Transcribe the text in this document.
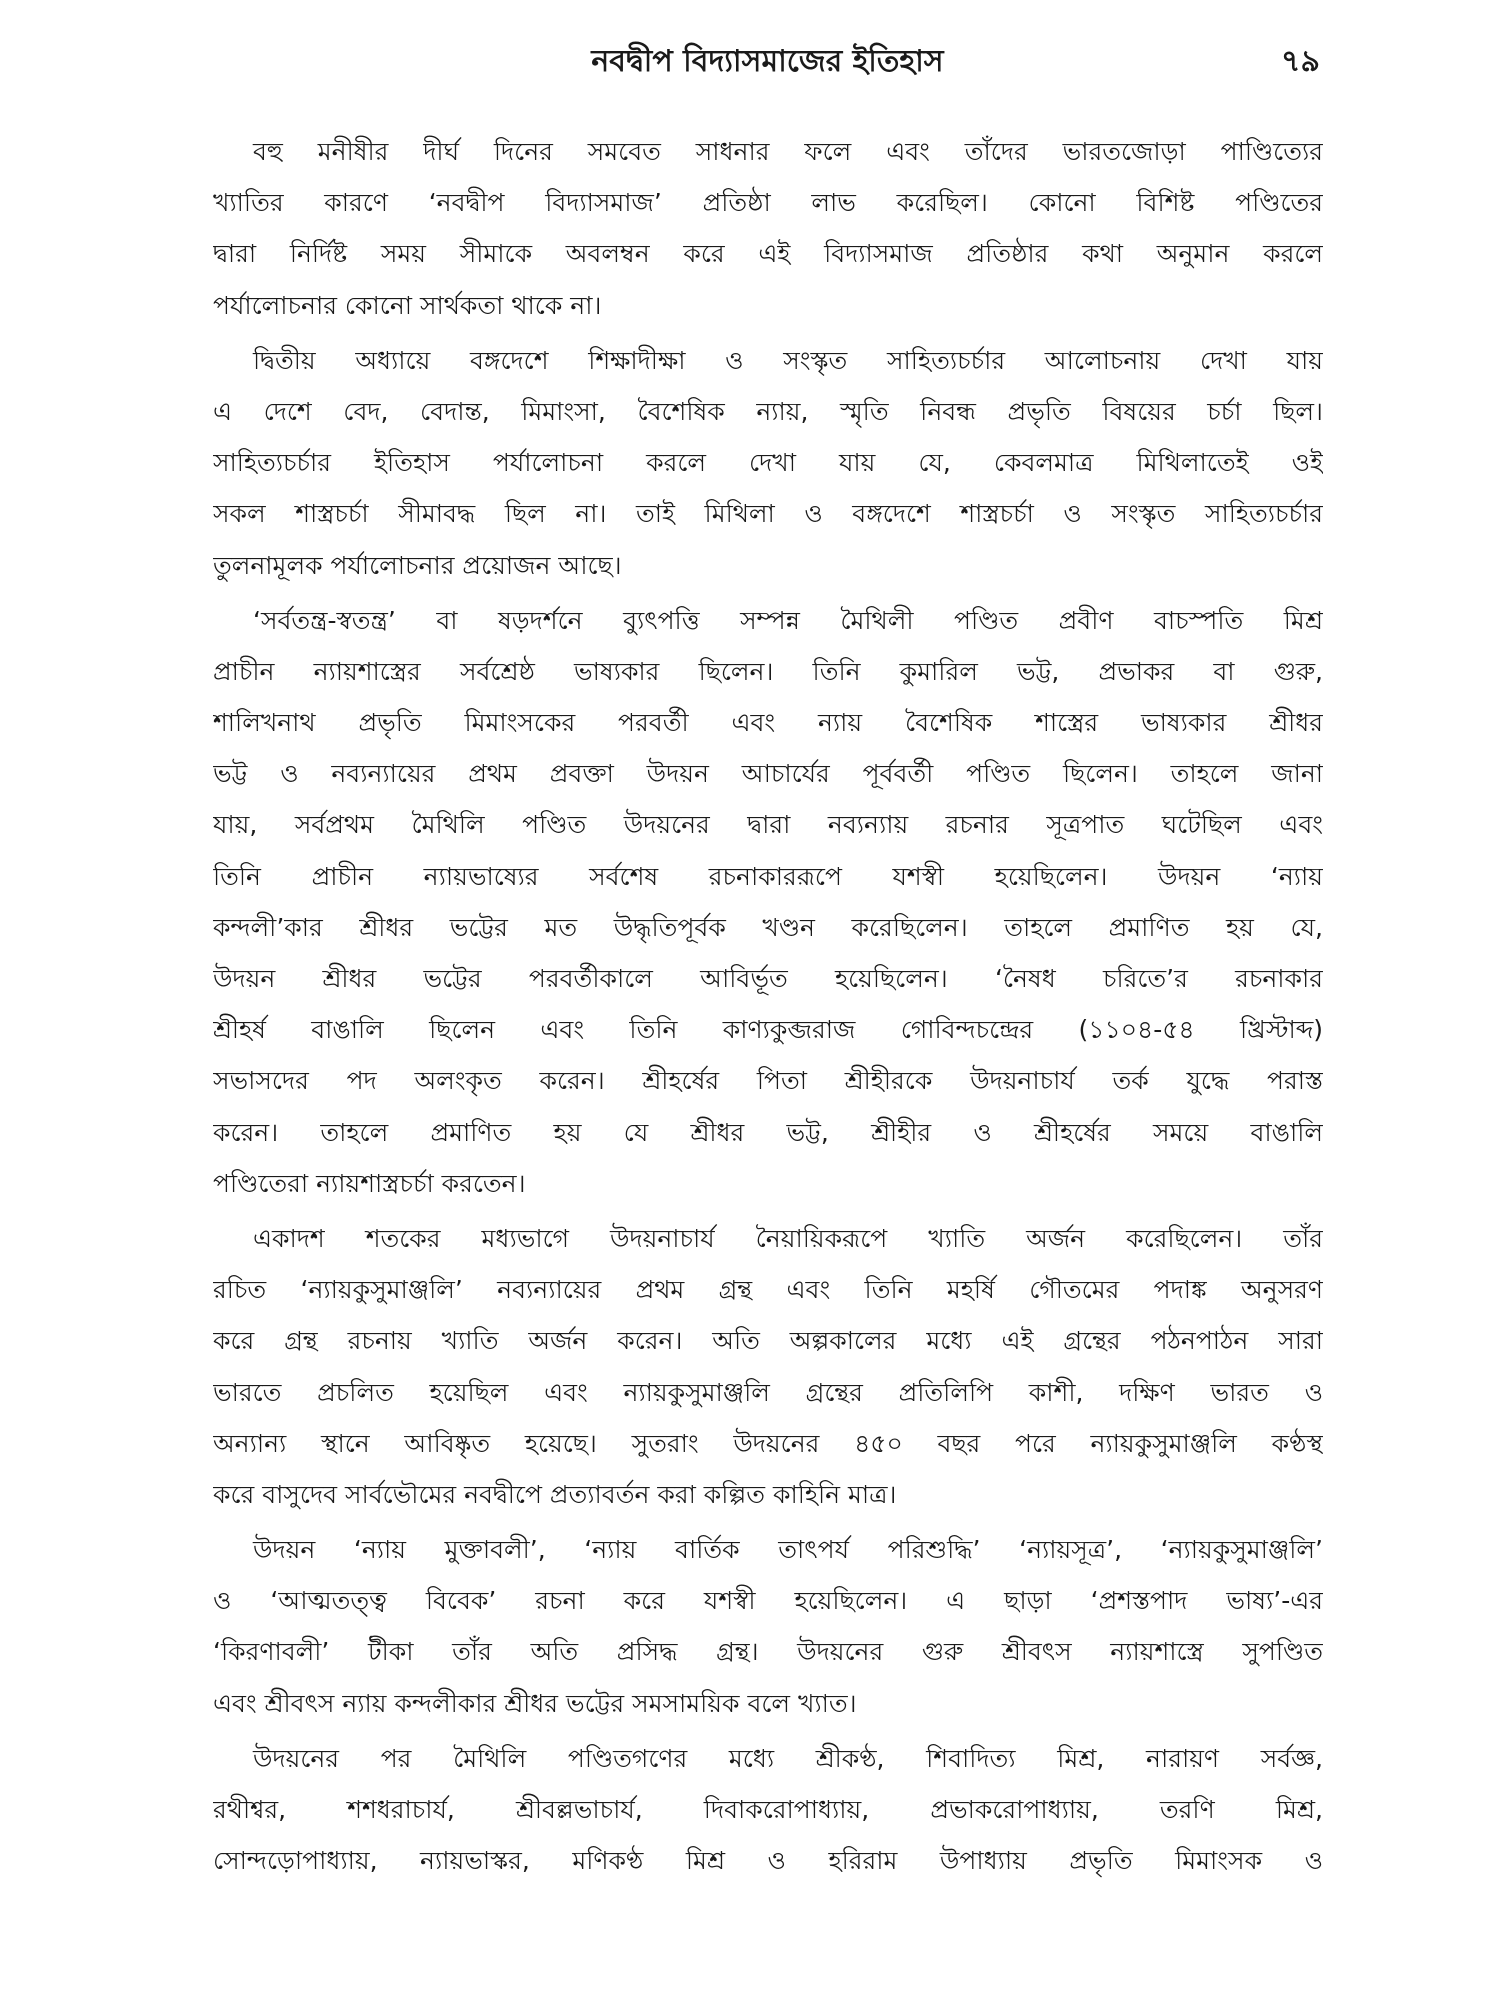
নবদ্বীপ বিদ্যাসমাজের ইতিহাস	৭৯
বহু মনীষীর দীর্ঘ দিনের সমবেত সাধনার ফলে এবং তাঁদের ভারতজোড়া পাণ্ডিত্যের
খ্যাতির কারণে ‘নবদ্বীপ বিদ্যাসমাজ’ প্রতিষ্ঠা লাভ করেছিল। কোনো বিশিষ্ট পণ্ডিতের
দ্বারা নির্দিষ্ট সময় সীমাকে অবলম্বন করে এই বিদ্যাসমাজ প্রতিষ্ঠার কথা অনুমান করলে
পর্যালোচনার কোনো সার্থকতা থাকে না।
দ্বিতীয় অধ্যায়ে বঙ্গদেশে শিক্ষাদীক্ষা ও সংস্কৃত সাহিত্যচর্চার আলোচনায় দেখা যায়
এ দেশে বেদ, বেদান্ত, মিমাংসা, বৈশেষিক ন্যায়, স্মৃতি নিবন্ধ প্রভৃতি বিষয়ের চর্চা ছিল।
সাহিত্যচর্চার ইতিহাস পর্যালোচনা করলে দেখা যায় যে, কেবলমাত্র মিথিলাতেই ওই
সকল শাস্ত্রচর্চা সীমাবদ্ধ ছিল না। তাই মিথিলা ও বঙ্গদেশে শাস্ত্রচর্চা ও সংস্কৃত সাহিত্যচর্চার
তুলনামূলক পর্যালোচনার প্রয়োজন আছে।
‘সর্বতন্ত্র-স্বতন্ত্র’ বা ষড়দর্শনে ব্যুৎপত্তি সম্পন্ন মৈথিলী পণ্ডিত প্রবীণ বাচস্পতি মিশ্র
প্রাচীন ন্যায়শাস্ত্রের সর্বশ্রেষ্ঠ ভাষ্যকার ছিলেন। তিনি কুমারিল ভট্ট, প্রভাকর বা গুরু,
শালিখনাথ প্রভৃতি মিমাংসকের পরবর্তী এবং ন্যায় বৈশেষিক শাস্ত্রের ভাষ্যকার শ্রীধর
ভট্ট ও নব্যন্যায়ের প্রথম প্রবক্তা উদয়ন আচার্যের পূর্ববর্তী পণ্ডিত ছিলেন। তাহলে জানা
যায়, সর্বপ্রথম মৈথিলি পণ্ডিত উদয়নের দ্বারা নব্যন্যায় রচনার সূত্রপাত ঘটেছিল এবং
তিনি প্রাচীন ন্যায়ভাষ্যের সর্বশেষ রচনাকাররূপে যশস্বী হয়েছিলেন। উদয়ন ‘ন্যায়
কন্দলী’কার শ্রীধর ভট্টের মত উদ্ধৃতিপূর্বক খণ্ডন করেছিলেন। তাহলে প্রমাণিত হয় যে,
উদয়ন শ্রীধর ভট্টের পরবর্তীকালে আবির্ভূত হয়েছিলেন। ‘নৈষধ চরিতে’র রচনাকার
শ্রীহর্ষ বাঙালি ছিলেন এবং তিনি কাণ্যকুব্জরাজ গোবিন্দচন্দ্রের (১১০৪-৫৪ খ্রিস্টাব্দ)
সভাসদের পদ অলংকৃত করেন। শ্রীহর্ষের পিতা শ্রীহীরকে উদয়নাচার্য তর্ক যুদ্ধে পরাস্ত
করেন। তাহলে প্রমাণিত হয় যে শ্রীধর ভট্ট, শ্রীহীর ও শ্রীহর্ষের সময়ে বাঙালি
পণ্ডিতেরা ন্যায়শাস্ত্রচর্চা করতেন।
একাদশ শতকের মধ্যভাগে উদয়নাচার্য নৈয়ায়িকরূপে খ্যাতি অর্জন করেছিলেন। তাঁর
রচিত ‘ন্যায়কুসুমাঞ্জলি’ নব্যন্যায়ের প্রথম গ্রন্থ এবং তিনি মহর্ষি গৌতমের পদাঙ্ক অনুসরণ
করে গ্রন্থ রচনায় খ্যাতি অর্জন করেন। অতি অল্পকালের মধ্যে এই গ্রন্থের পঠনপাঠন সারা
ভারতে প্রচলিত হয়েছিল এবং ন্যায়কুসুমাঞ্জলি গ্রন্থের প্রতিলিপি কাশী, দক্ষিণ ভারত ও
অন্যান্য স্থানে আবিষ্কৃত হয়েছে। সুতরাং উদয়নের ৪৫০ বছর পরে ন্যায়কুসুমাঞ্জলি কণ্ঠস্থ
করে বাসুদেব সার্বভৌমের নবদ্বীপে প্রত্যাবর্তন করা কল্পিত কাহিনি মাত্র।
উদয়ন ‘ন্যায় মুক্তাবলী’, ‘ন্যায় বার্তিক তাৎপর্য পরিশুদ্ধি’ ‘ন্যায়সূত্র’, ‘ন্যায়কুসুমাঞ্জলি’
ও ‘আত্মতত্ত্ব বিবেক’ রচনা করে যশস্বী হয়েছিলেন। এ ছাড়া ‘প্রশস্তপাদ ভাষ্য’-এর
‘কিরণাবলী’ টীকা তাঁর অতি প্রসিদ্ধ গ্রন্থ। উদয়নের গুরু শ্রীবৎস ন্যায়শাস্ত্রে সুপণ্ডিত
এবং শ্রীবৎস ন্যায় কন্দলীকার শ্রীধর ভট্টের সমসাময়িক বলে খ্যাত।
উদয়নের পর মৈথিলি পণ্ডিতগণের মধ্যে শ্রীকণ্ঠ, শিবাদিত্য মিশ্র, নারায়ণ সর্বজ্ঞ,
রথীশ্বর, শশধরাচার্য, শ্রীবল্লভাচার্য, দিবাকরোপাধ্যায়, প্রভাকরোপাধ্যায়, তরণি মিশ্র,
সোন্দড়োপাধ্যায়, ন্যায়ভাস্কর, মণিকণ্ঠ মিশ্র ও হরিরাম উপাধ্যায় প্রভৃতি মিমাংসক ও
